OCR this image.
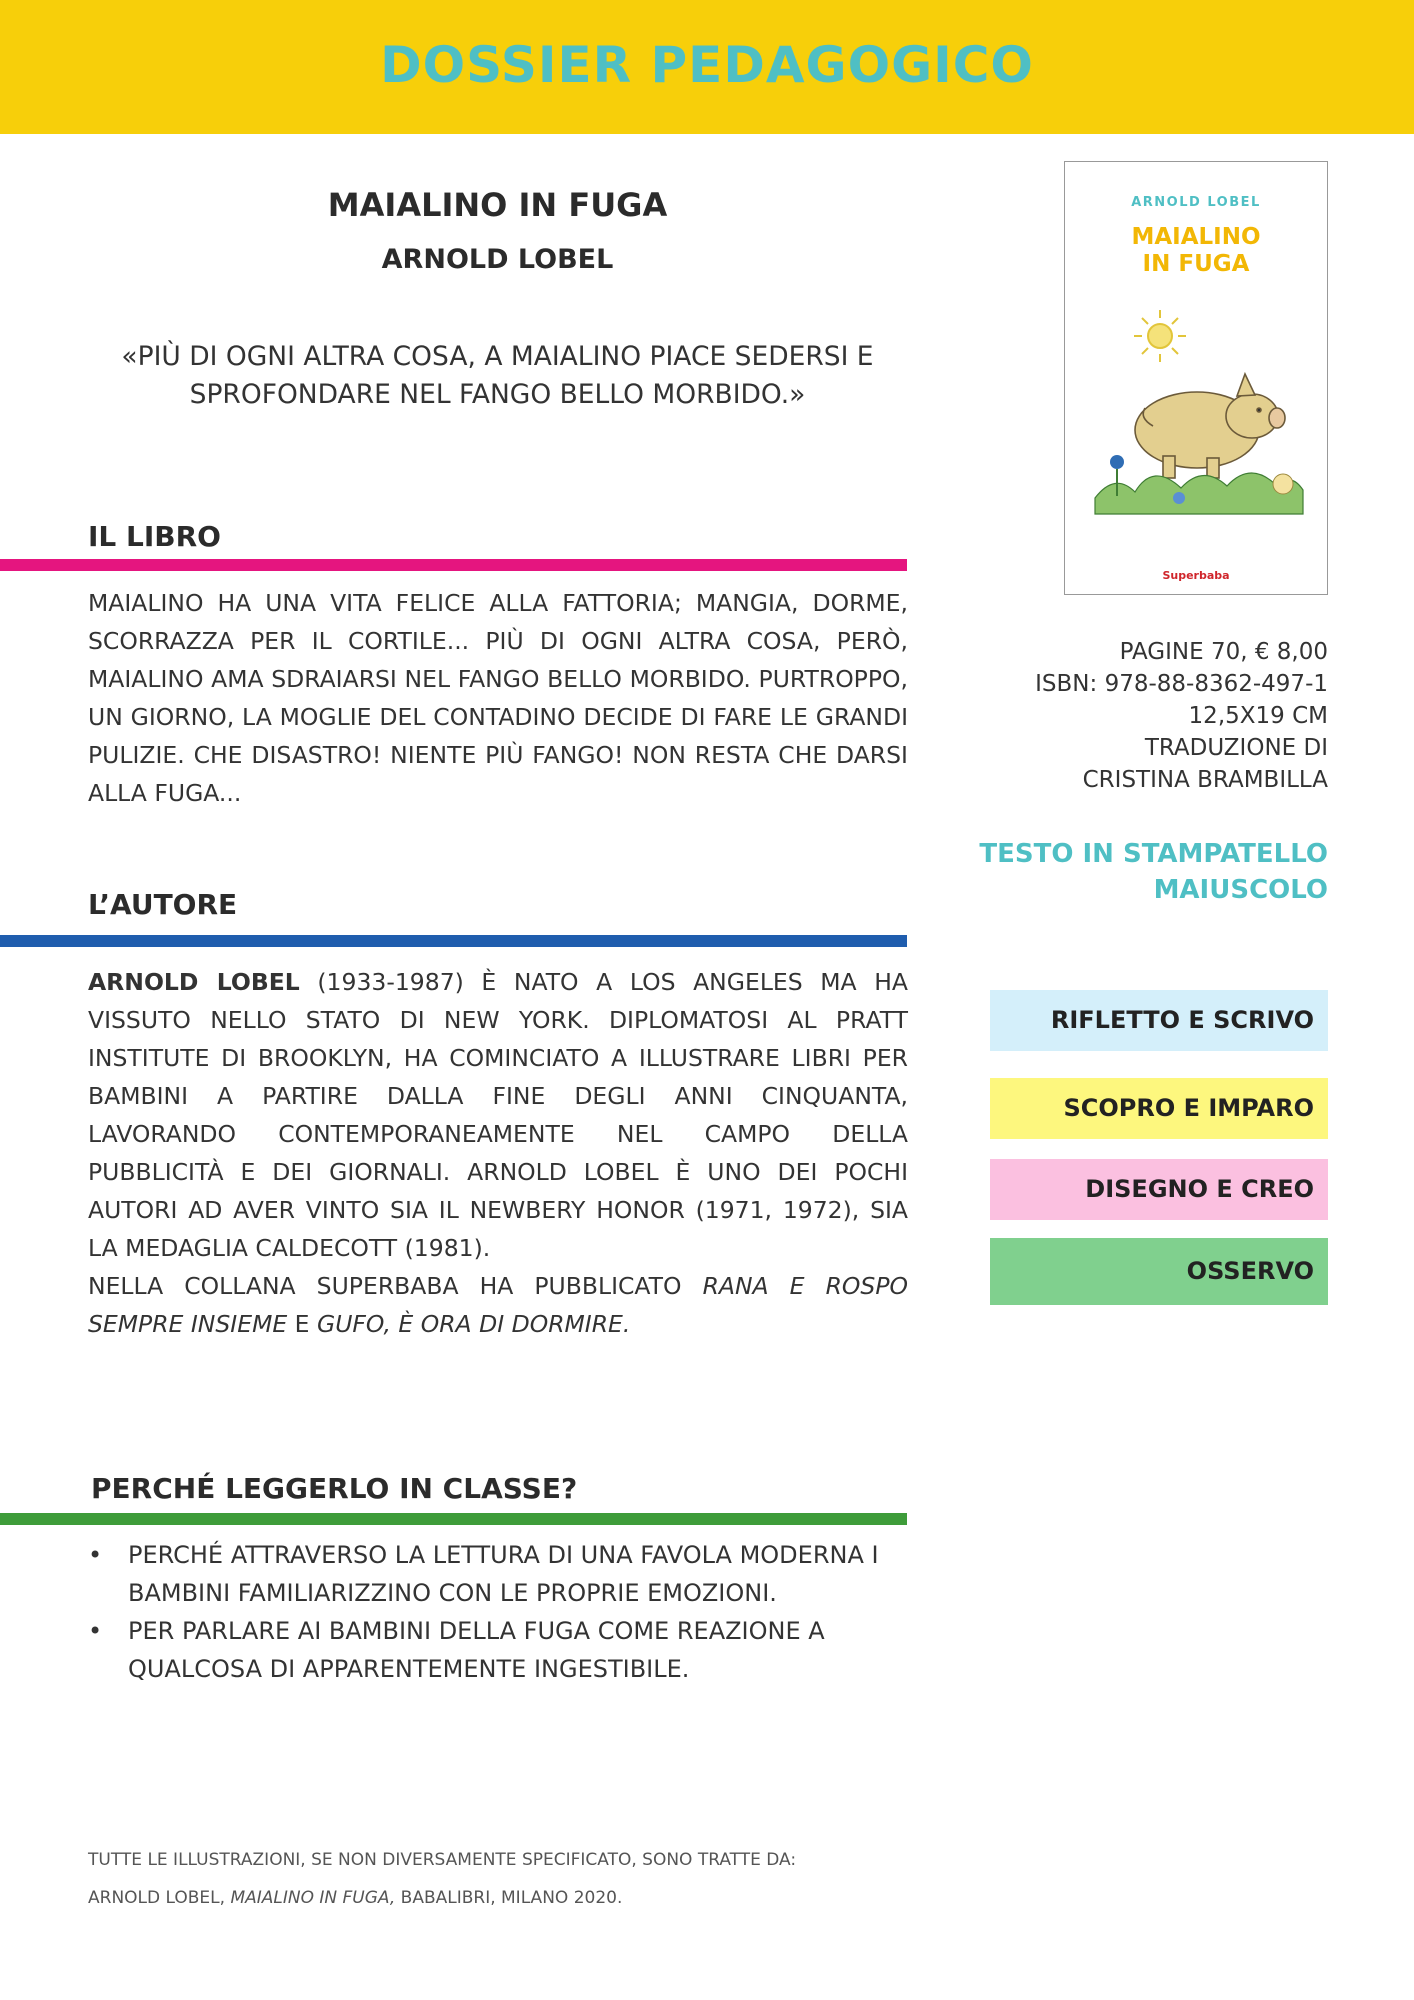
DOSSIER PEDAGOGICO
MAIALINO IN FUGA
ARNOLD LOBEL
«PIÙ DI OGNI ALTRA COSA, A MAIALINO PIACE SEDERSI E SPROFONDARE NEL FANGO BELLO MORBIDO.»
IL LIBRO
MAIALINO HA UNA VITA FELICE ALLA FATTORIA; MANGIA, DORME, SCORRAZZA PER IL CORTILE... PIÙ DI OGNI ALTRA COSA, PERÒ, MAIALINO AMA SDRAIARSI NEL FANGO BELLO MORBIDO. PURTROPPO, UN GIORNO, LA MOGLIE DEL CONTADINO DECIDE DI FARE LE GRANDI PULIZIE. CHE DISASTRO! NIENTE PIÙ FANGO! NON RESTA CHE DARSI ALLA FUGA...
L’AUTORE
ARNOLD LOBEL (1933-1987) È NATO A LOS ANGELES MA HA VISSUTO NELLO STATO DI NEW YORK. DIPLOMATOSI AL PRATT INSTITUTE DI BROOKLYN, HA COMINCIATO A ILLUSTRARE LIBRI PER BAMBINI A PARTIRE DALLA FINE DEGLI ANNI CINQUANTA, LAVORANDO CONTEMPORANEAMENTE NEL CAMPO DELLA PUBBLICITÀ E DEI GIORNALI. ARNOLD LOBEL È UNO DEI POCHI AUTORI AD AVER VINTO SIA IL NEWBERY HONOR (1971, 1972), SIA LA MEDAGLIA CALDECOTT (1981).
NELLA COLLANA SUPERBABA HA PUBBLICATO RANA E ROSPO SEMPRE INSIEME E GUFO, È ORA DI DORMIRE.
PERCHÉ LEGGERLO IN CLASSE?
• PERCHÉ ATTRAVERSO LA LETTURA DI UNA FAVOLA MODERNA I BAMBINI FAMILIARIZZINO CON LE PROPRIE EMOZIONI.
• PER PARLARE AI BAMBINI DELLA FUGA COME REAZIONE A QUALCOSA DI APPARENTEMENTE INGESTIBILE.
TUTTE LE ILLUSTRAZIONI, SE NON DIVERSAMENTE SPECIFICATO, SONO TRATTE DA:
ARNOLD LOBEL, MAIALINO IN FUGA, BABALIBRI, MILANO 2020.
ARNOLD LOBEL
MAIALINO
IN FUGA
Superbaba
PAGINE 70, € 8,00
ISBN: 978-88-8362-497-1
12,5X19 CM
TRADUZIONE DI
CRISTINA BRAMBILLA
TESTO IN STAMPATELLO
MAIUSCOLO
RIFLETTO E SCRIVO
SCOPRO E IMPARO
DISEGNO E CREO
OSSERVO
